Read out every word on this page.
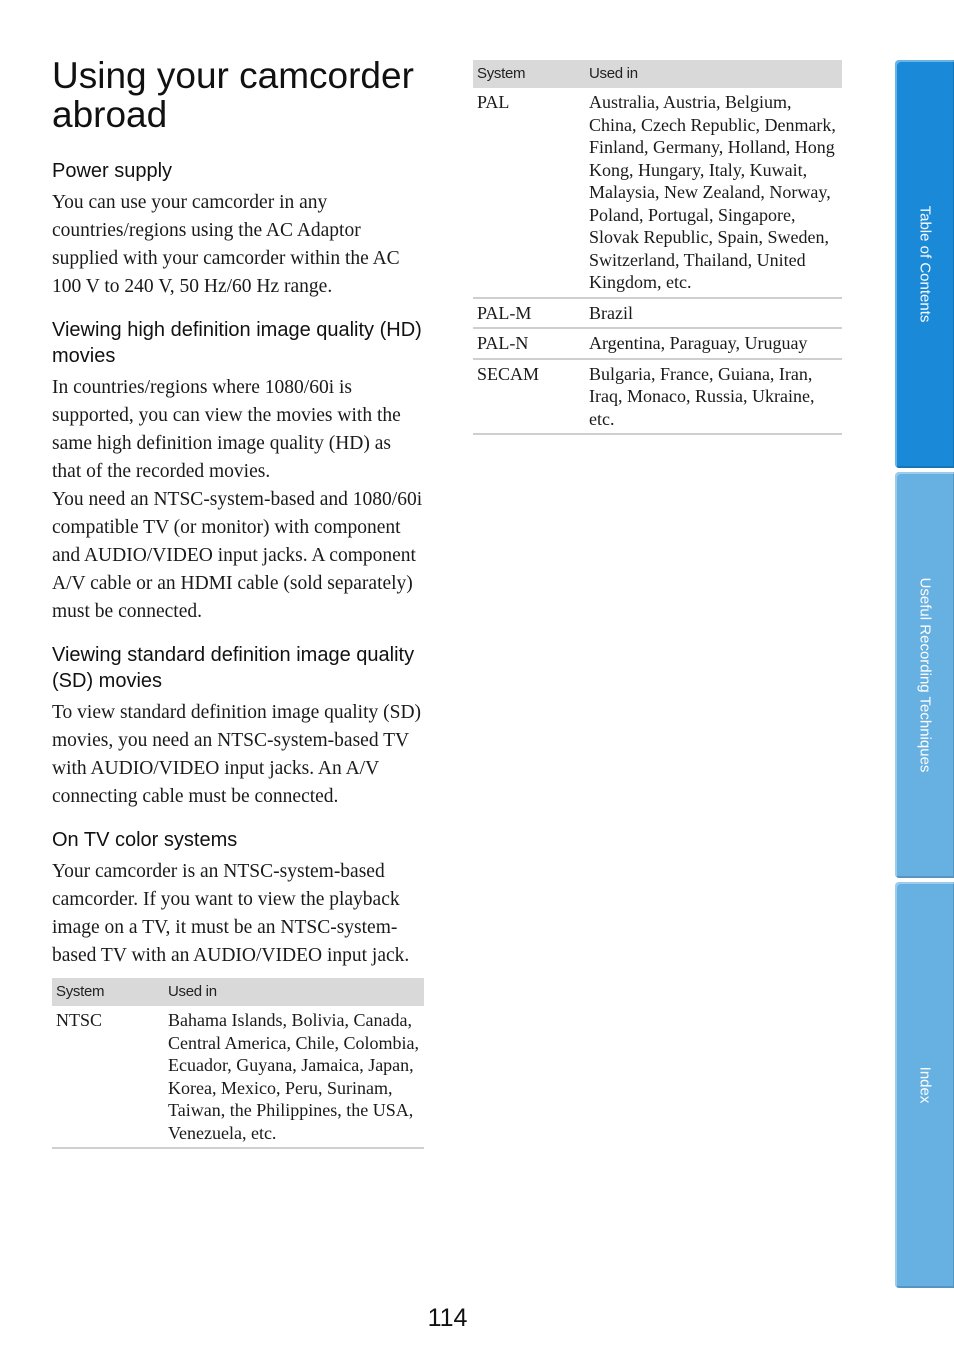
Using your camcorder abroad
Power supply

You can use your camcorder in any countries/regions using the AC Adaptor supplied with your camcorder within the AC 100 V to 240 V, 50 Hz/60 Hz range.

Viewing high definition image quality (HD) movies

In countries/regions where 1080/60i is supported, you can view the movies with the same high definition image quality (HD) as that of the recorded movies.

You need an NTSC-system-based and 1080/60i compatible TV (or monitor) with component and AUDIO/VIDEO input jacks. A component A/V cable or an HDMI cable (sold separately) must be connected.

Viewing standard definition image quality (SD) movies

To view standard definition image quality (SD) movies, you need an NTSC-system-based TV with AUDIO/VIDEO input jacks. An A/V connecting cable must be connected.

On TV color systems

Your camcorder is an NTSC-system-based camcorder. If you want to view the playback image on a TV, it must be an NTSC-system-based TV with an AUDIO/VIDEO input jack.

System	Used in
NTSC	Bahama Islands, Bolivia, Canada, Central America, Chile, Colombia, Ecuador, Guyana, Jamaica, Japan, Korea, Mexico, Peru, Surinam, Taiwan, the Philippines, the USA, Venezuela, etc.
System	Used in
PAL	Australia, Austria, Belgium, China, Czech Republic, Denmark, Finland, Germany, Holland, Hong Kong, Hungary, Italy, Kuwait, Malaysia, New Zealand, Norway, Poland, Portugal, Singapore, Slovak Republic, Spain, Sweden, Switzerland, Thailand, United Kingdom, etc.
PAL-M	Brazil
PAL-N	Argentina, Paraguay, Uruguay
SECAM	Bulgaria, France, Guiana, Iran, Iraq, Monaco, Russia, Ukraine, etc.
Table of Contents
Useful Recording Techniques
Index
114
